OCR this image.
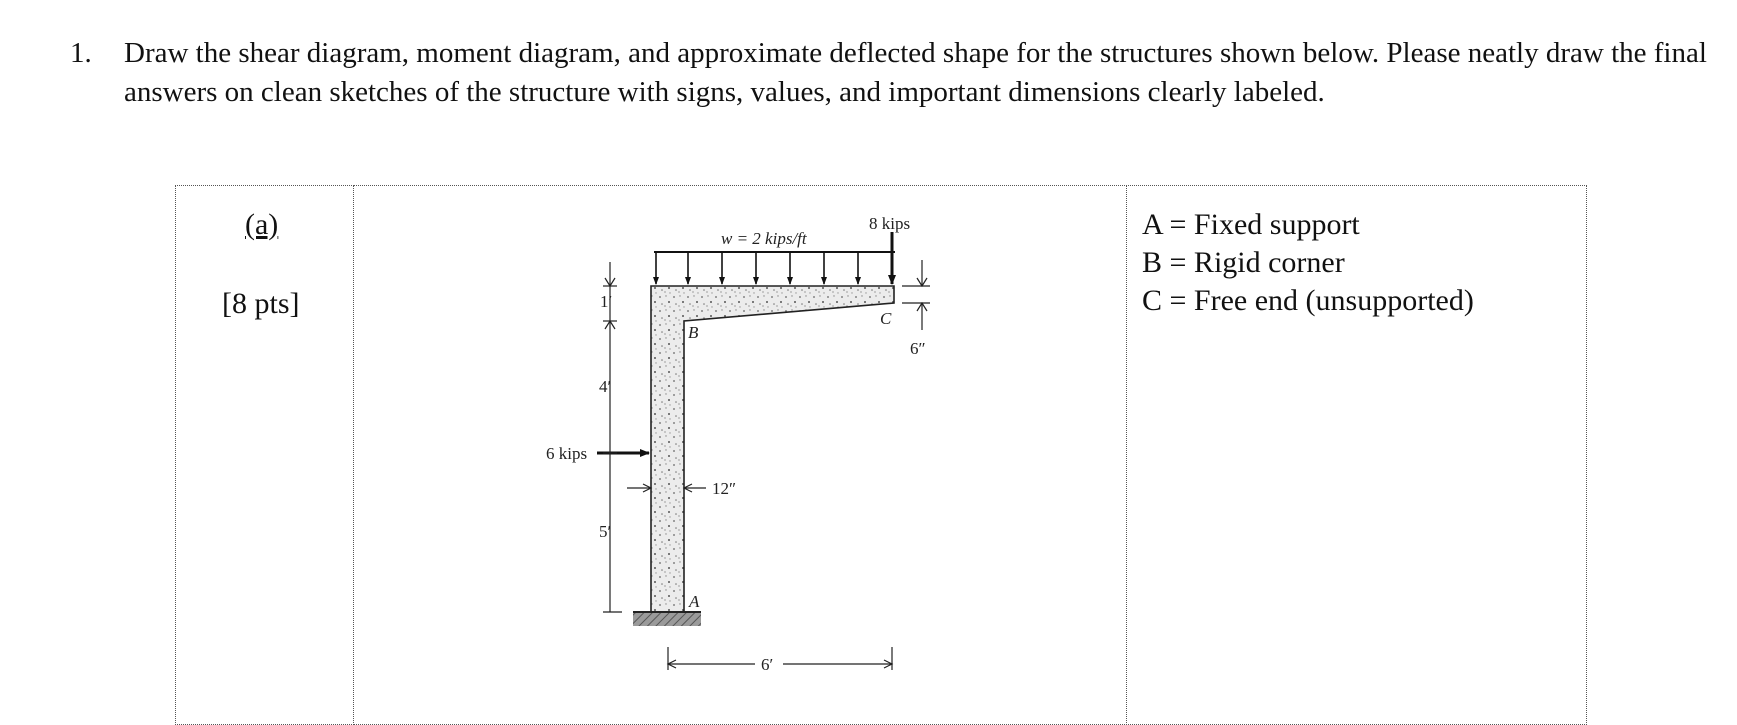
1. Draw the shear diagram, moment diagram, and approximate deflected shape for the structures shown below. Please neatly draw the final answers on clean sketches of the structure with signs, values, and important dimensions clearly labeled.
(a)
[8 pts]
A = Fixed support
B = Rigid corner
C = Free end (unsupported)
w = 2 kips/ft
8 kips
6 kips
1′
4′
5′
12″
6″
6′
A
B
C
